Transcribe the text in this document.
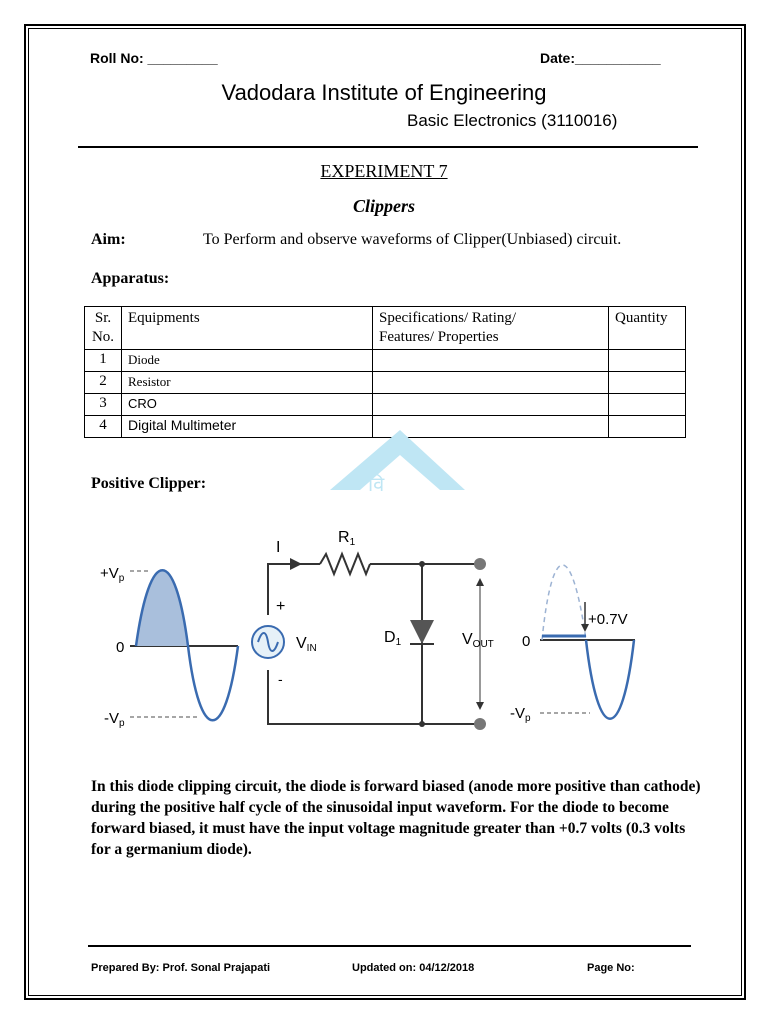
Roll No: _________	Date:___________
Vadodara Institute of Engineering
Basic Electronics (3110016)
EXPERIMENT 7
Clippers
Aim:	To Perform and observe waveforms of Clipper(Unbiased) circuit.
Apparatus:
Sr.
No.	Equipments	Specifications/ Rating/
Features/ Properties	Quantity
1	Diode		
2	Resistor		
3	CRO		
4	Digital Multimeter		
वि
Positive Clipper:
$+V_p$
0
$-V_p$
I
R1
+
-
VIN
D1	VOUT
+0.7V
0
$-V_p$
In this diode clipping circuit, the diode is forward biased (anode more positive than cathode) during the positive half cycle of the sinusoidal input waveform. For the diode to become forward biased, it must have the input voltage magnitude greater than +0.7 volts (0.3 volts for a germanium diode).
Prepared By: Prof. Sonal Prajapati	Updated on: 04/12/2018	Page No:
